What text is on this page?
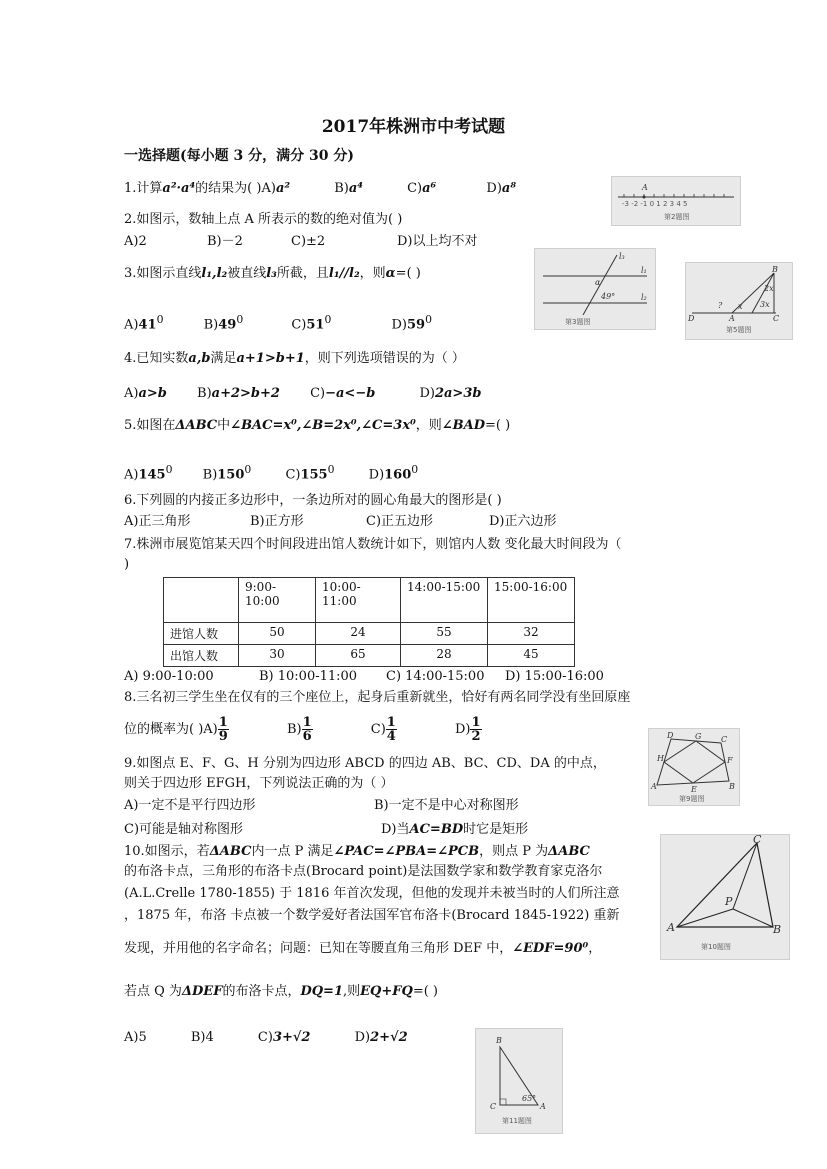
2017年株洲市中考试题
一选择题(每小题 3 分，满分 30 分)
1.计算a²·a⁴的结果为( )A)a²	B)a⁴	C)a⁶	D)a⁸	A
-3 -2 -1 0 1 2 3 4 5
第2题图
2.如图示，数轴上点 A 所表示的数的绝对值为( )
A)2	B)－2	C)±2	D)以上均不对
3.如图示直线l₁,l₂被直线l₃所截，且l₁//l₂，则α=( )
$A)41^0$	$B)49^0$	$C)51^0$	$D)59^0$
l₃
l₁
l₂
α
49°
第3题图
B
D	A	C
? x
2x
3x
第5题图
4.已知实数a,b满足a+1>b+1，则下列选项错误的为（ ）
A)a>b B)a+2>b+2 C)−a<−b	D)2a>3b
5.如图在ΔABC中∠BAC=x⁰,∠B=2x⁰,∠C=3x⁰，则∠BAD=( )
$A)145^0$ $B)150^0$	$C)155^0$	$D)160^0$
6.下列圆的内接正多边形中，一条边所对的圆心角最大的图形是( )
A)正三角形	B)正方形	C)正五边形	D)正六边形
7.株洲市展览馆某天四个时间段进出馆人数统计如下，则馆内人数 变化最大时间段为（
)
	9:00-10:00	10:00-
11:00	14:00-15:00	15:00-16:00
进馆人数	50	24	55	32
出馆人数	30	65	28	45
A) 9:00-10:00	B) 10:00-11:00 C) 14:00-15:00 D) 15:00-16:00
8.三名初三学生坐在仅有的三个座位上，起身后重新就坐，恰好有两名同学没有坐回原座
位的概率为( )$A) \frac{1}{9}$	$B) \frac{1}{6}$	$C) \frac{1}{4}$	$D) \frac{1}{2}$	D	G C
H	F
A	E	B
第9题图
9.如图点 E、F、G、H 分别为四边形 ABCD 的四边 AB、BC、CD、DA 的中点，
则关于四边形 EFGH，下列说法正确的为（ ）
A)一定不是平行四边形	B)一定不是中心对称图形
C)可能是轴对称图形	D)当AC=BD时它是矩形
C
A	B
P
第10题图
10.如图示，若ΔABC内一点 P 满足∠PAC=∠PBA=∠PCB，则点 P 为ΔABC
的布洛卡点，三角形的布洛卡点(Brocard point)是法国数学家和数学教育家克洛尔
(A.L.Crelle 1780-1855) 于 1816 年首次发现，但他的发现并未被当时的人们所注意
，1875 年，布洛 卡点被一个数学爱好者法国军官布洛卡(Brocard 1845-1922) 重新
发现，并用他的名字命名；问题：已知在等腰直角三角形 DEF 中，∠EDF=90⁰，
若点 Q 为ΔDEF的布洛卡点，DQ=1,则EQ+FQ=( )
A)5	B)4	C)3+√2	D)2+√2	B
C	A
65°
第11题图
